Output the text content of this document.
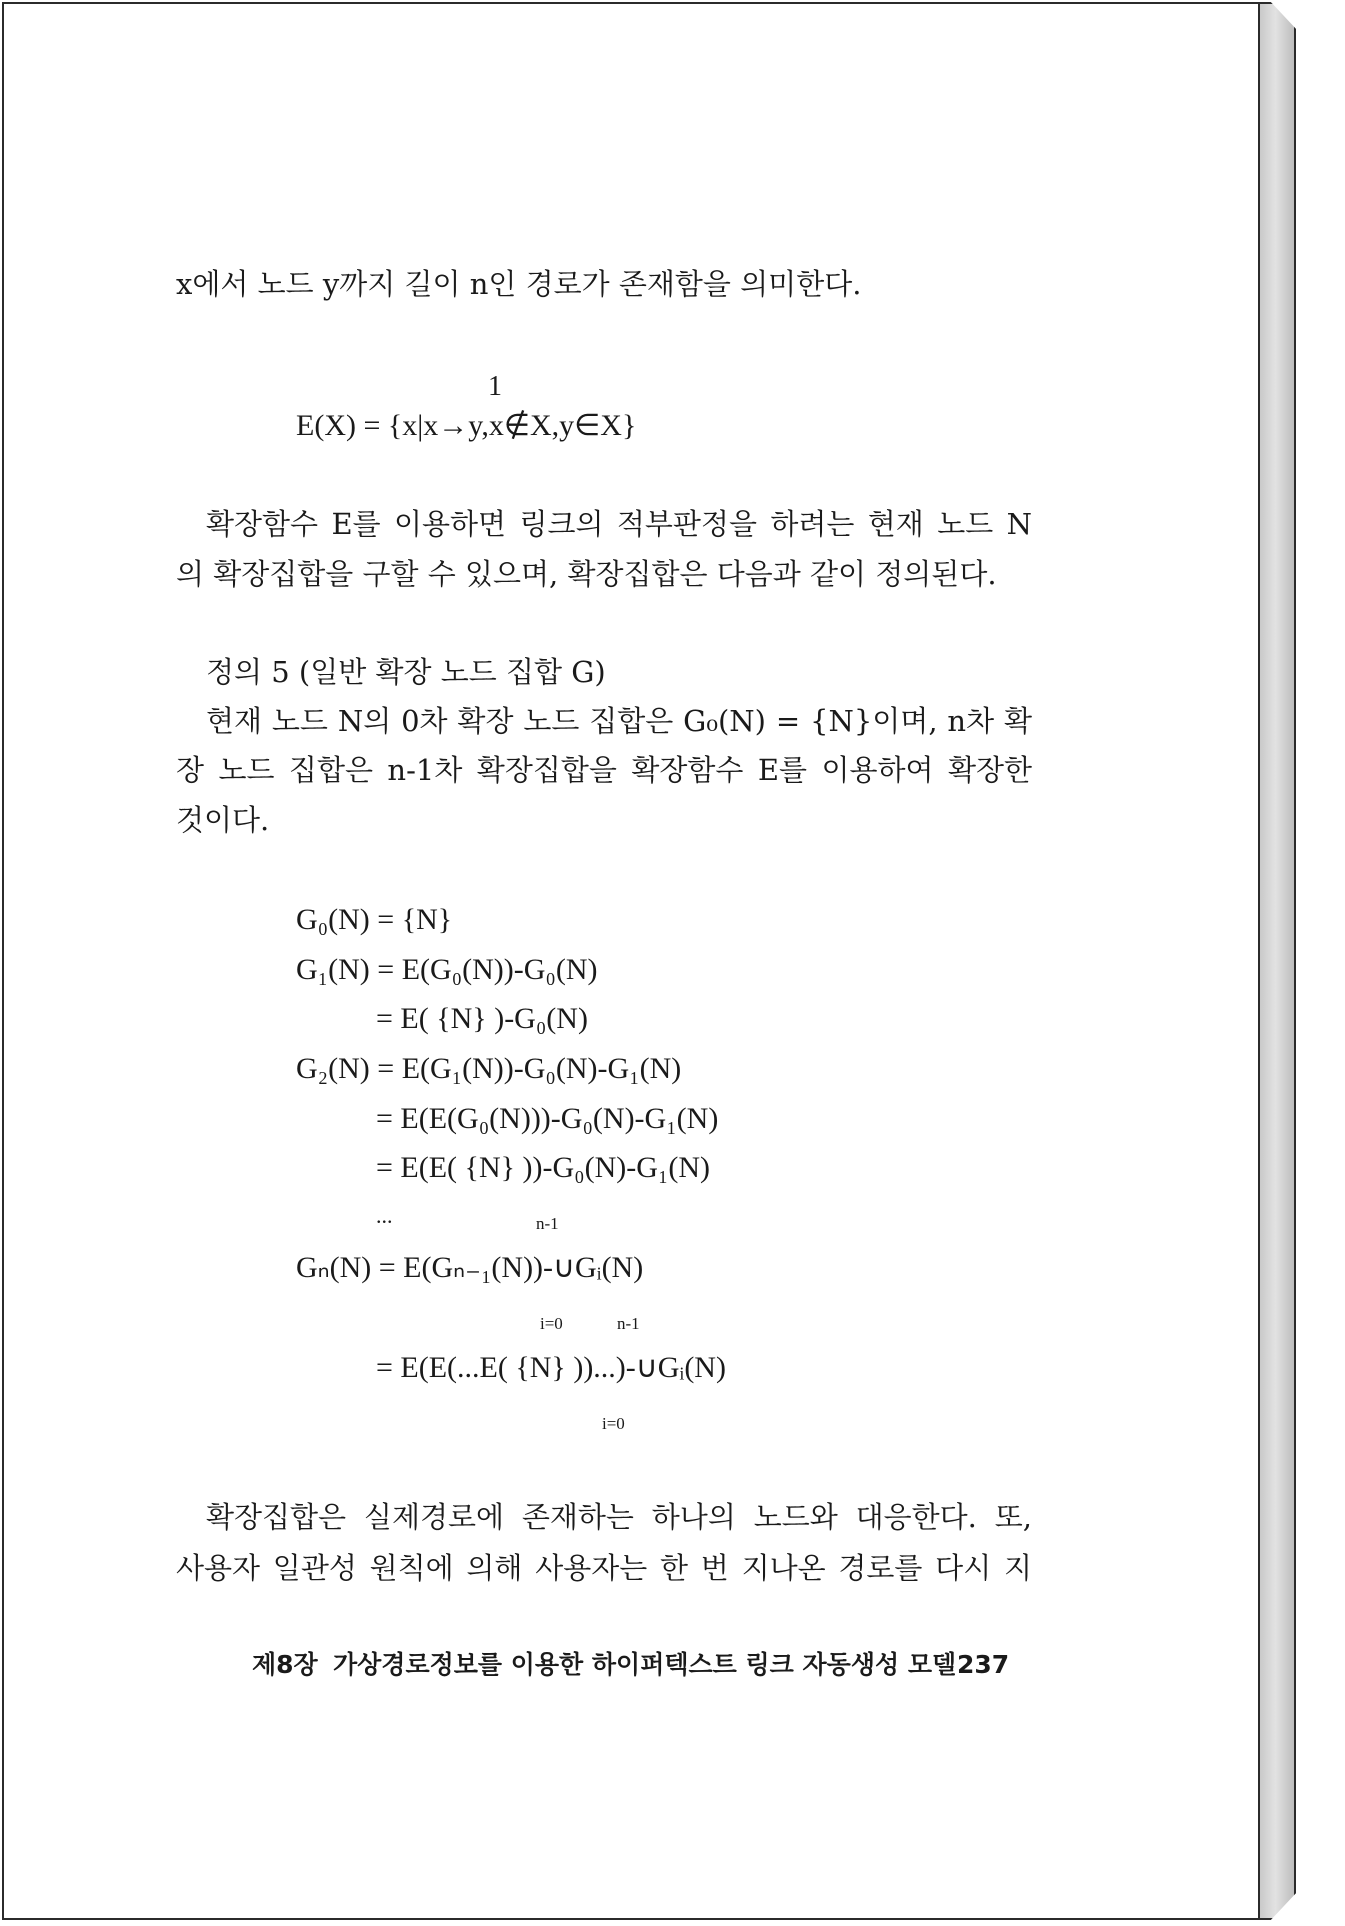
x에서 노드 y까지 길이 n인 경로가 존재함을 의미한다.
1
E(X) = {x|x→y,x∉X,y∈X}
확장함수 E를 이용하면 링크의 적부판정을 하려는 현재 노드 N
의 확장집합을 구할 수 있으며, 확장집합은 다음과 같이 정의된다.
정의 5 (일반 확장 노드 집합 G)
현재 노드 N의 0차 확장 노드 집합은 G₀(N) = {N}이며, n차 확
장 노드 집합은 n-1차 확장집합을 확장함수 E를 이용하여 확장한
것이다.
G₀(N) = {N}
G₁(N) = E(G₀(N))-G₀(N)
= E( {N} )-G₀(N)
G₂(N) = E(G₁(N))-G₀(N)-G₁(N)
= E(E(G₀(N)))-G₀(N)-G₁(N)
= E(E( {N} ))-G₀(N)-G₁(N)
...	n-1
Gₙ(N) = E(Gₙ₋₁(N))-∪Gᵢ(N)
i=0	n-1
= E(E(...E( {N} ))...)-∪Gᵢ(N)
i=0
확장집합은 실제경로에 존재하는 하나의 노드와 대응한다. 또,
사용자 일관성 원칙에 의해 사용자는 한 번 지나온 경로를 다시 지
제8장 가상경로정보를 이용한 하이퍼텍스트 링크 자동생성 모델 237
